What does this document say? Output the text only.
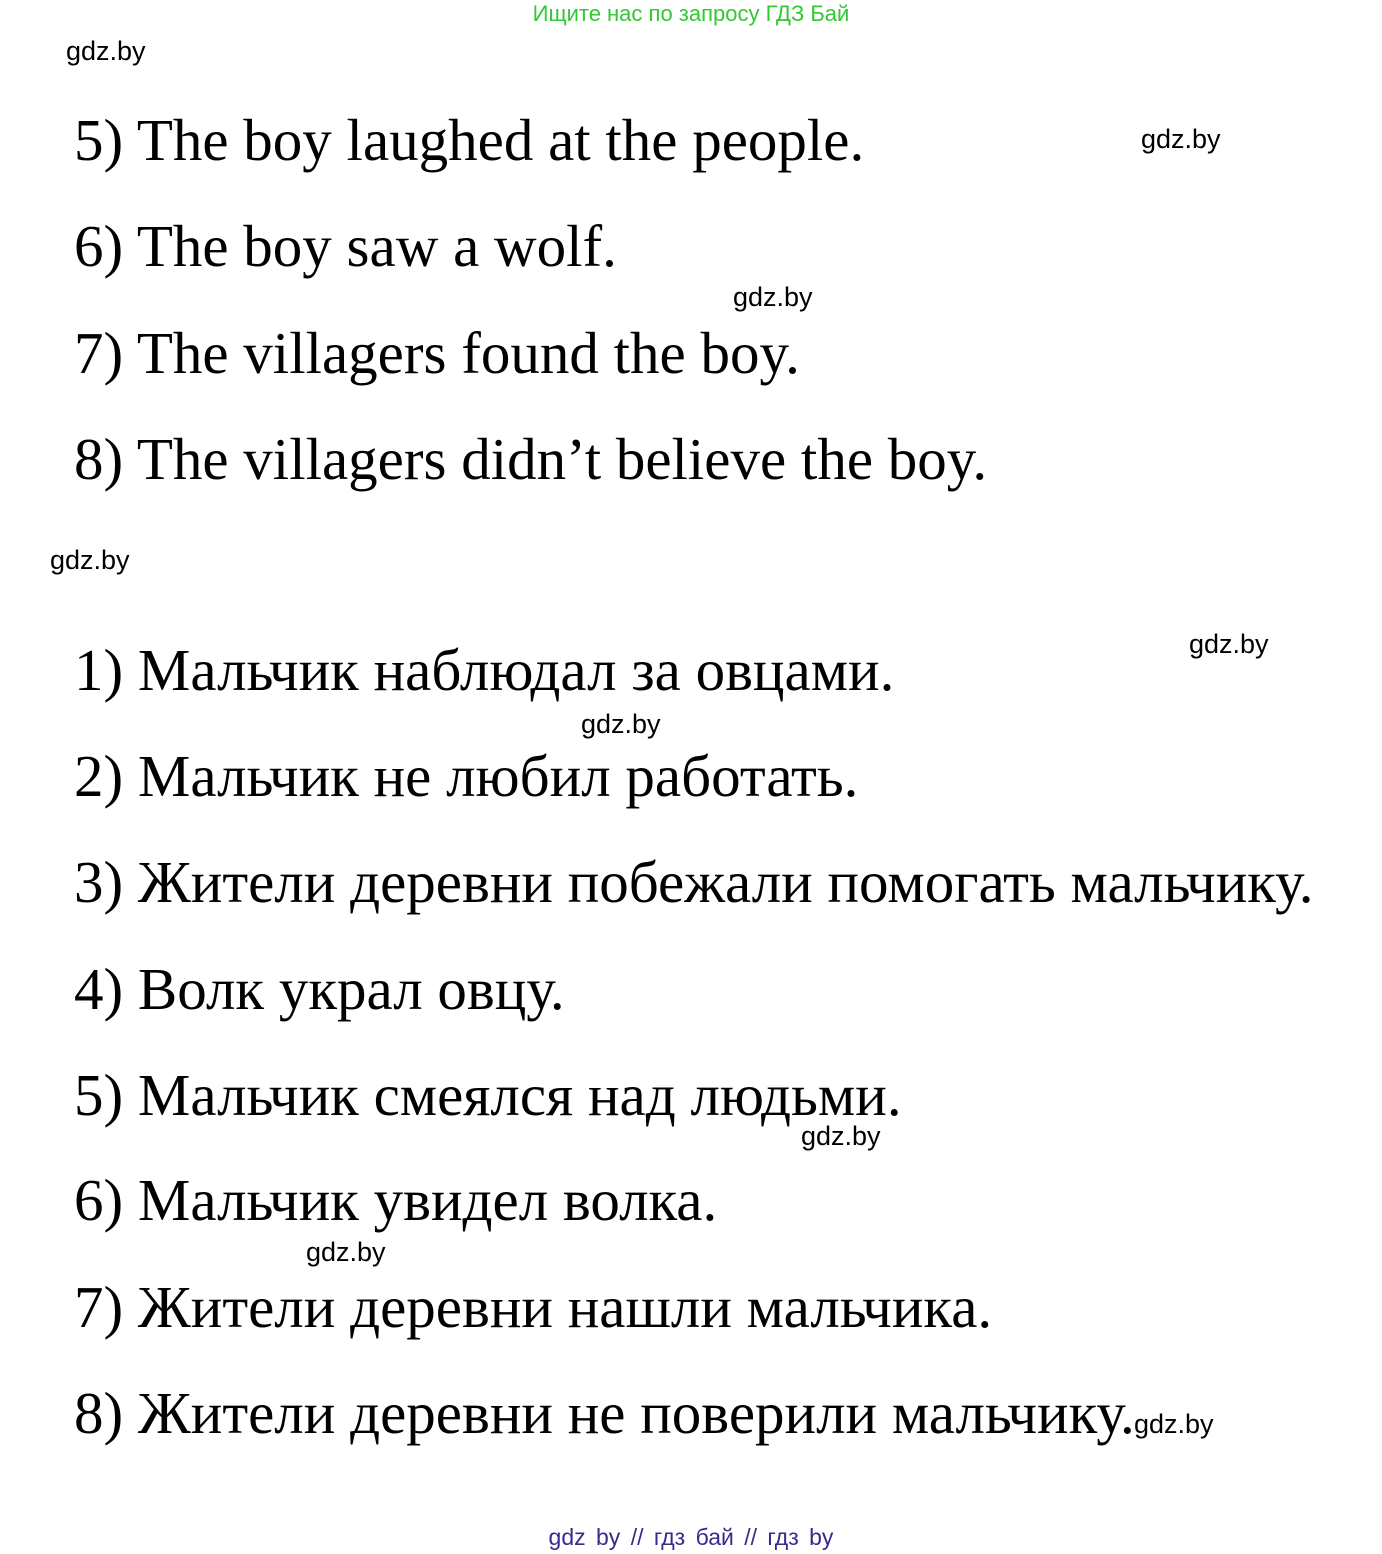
Ищите нас по запросу ГДЗ Бай
gdz.by
gdz.by
gdz.by
gdz.by
gdz.by
gdz.by
gdz.by
gdz.by
gdz.by
5) The boy laughed at the people.
6) The boy saw a wolf.
7) The villagers found the boy.
8) The villagers didn’t believe the boy.
1) Мальчик наблюдал за овцами.
2) Мальчик не любил работать.
3) Жители деревни побежали помогать мальчику.
4) Волк украл овцу.
5) Мальчик смеялся над людьми.
6) Мальчик увидел волка.
7) Жители деревни нашли мальчика.
8) Жители деревни не поверили мальчику.
gdz by // гдз бай // гдз by
